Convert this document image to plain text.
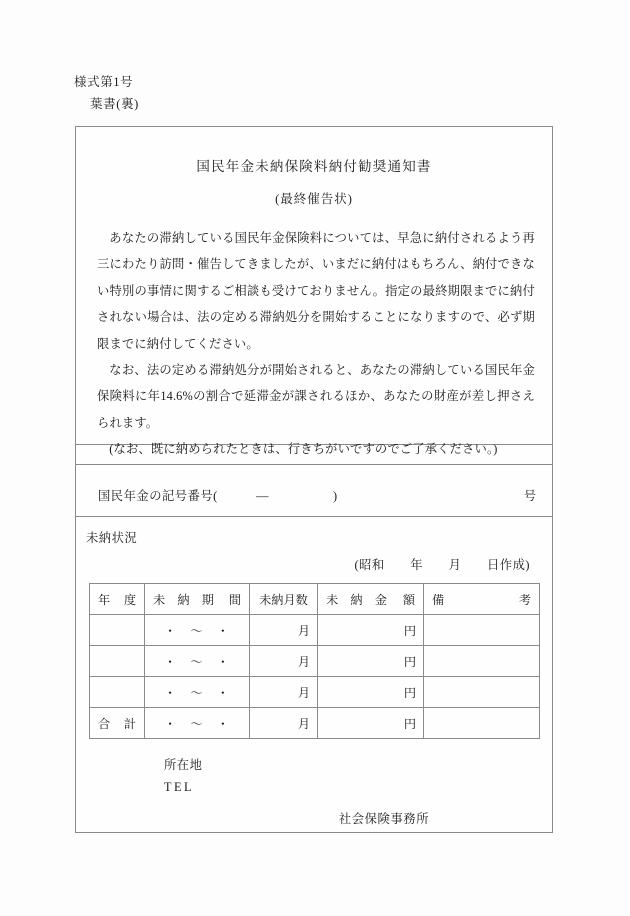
様式第1号
葉書(裏)
国民年金未納保険料納付勧奨通知書
(最終催告状)

あなたの滞納している国民年金保険料については、早急に納付されるよう再三にわたり訪問・催告してきましたが、いまだに納付はもちろん、納付できない特別の事情に関するご相談も受けておりません。指定の最終期限までに納付されない場合は、法の定める滞納処分を開始することになりますので、必ず期限までに納付してください。

なお、法の定める滞納処分が開始されると、あなたの滞納している国民年金保険料に年14.6%の割合で延滞金が課されるほか、あなたの財産が差し押さえられます。

(なお、既に納められたときは、行きちがいですのでご了承ください。)

国民年金の記号番号(　　　―　　　　　)	号
未納状況
(昭和　　年　　月　　日作成)
年 度	未　納　期 間	未納月数	未　納　金 額	備 考

	・　〜　・	月	円	
	・　〜　・	月	円	
	・　〜　・	月	円	

合 計	・　〜　・	月	円	
所在地
TEL
社会保険事務所
